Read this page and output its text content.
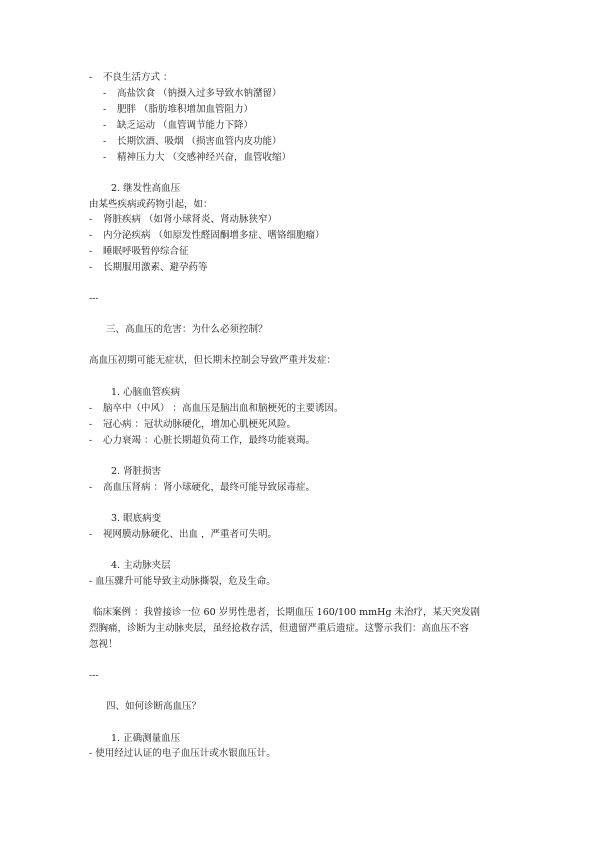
- 不良生活方式 ：
- 高盐饮食 （钠摄入过多导致水钠潴留）
- 肥胖 （脂肪堆积增加血管阻力）
- 缺乏运动 （血管调节能力下降）
- 长期饮酒、吸烟 （损害血管内皮功能）
- 精神压力大 （交感神经兴奋，血管收缩）
2. 继发性高血压
由某些疾病或药物引起，如：
- 肾脏疾病 （如肾小球肾炎、肾动脉狭窄）
- 内分泌疾病 （如原发性醛固酮增多症、嗜铬细胞瘤）
- 睡眠呼吸暂停综合征
- 长期服用激素、避孕药等
---
三、高血压的危害：为什么必须控制？
高血压初期可能无症状，但长期未控制会导致严重并发症：
1. 心脑血管疾病
- 脑卒中（中风） ：高血压是脑出血和脑梗死的主要诱因。
- 冠心病 ：冠状动脉硬化，增加心肌梗死风险。
- 心力衰竭 ：心脏长期超负荷工作，最终功能衰竭。
2. 肾脏损害
- 高血压肾病 ：肾小球硬化，最终可能导致尿毒症。
3. 眼底病变
- 视网膜动脉硬化、出血 ，严重者可失明。
4. 主动脉夹层
- 血压骤升可能导致主动脉撕裂，危及生命。
临床案例 ：我曾接诊一位 60 岁男性患者，长期血压 160/100 mmHg 未治疗，某天突发剧
烈胸痛，诊断为主动脉夹层，虽经抢救存活，但遗留严重后遗症。这警示我们：高血压不容
忽视！
---
四、如何诊断高血压？
1. 正确测量血压
- 使用经过认证的电子血压计或水银血压计。
